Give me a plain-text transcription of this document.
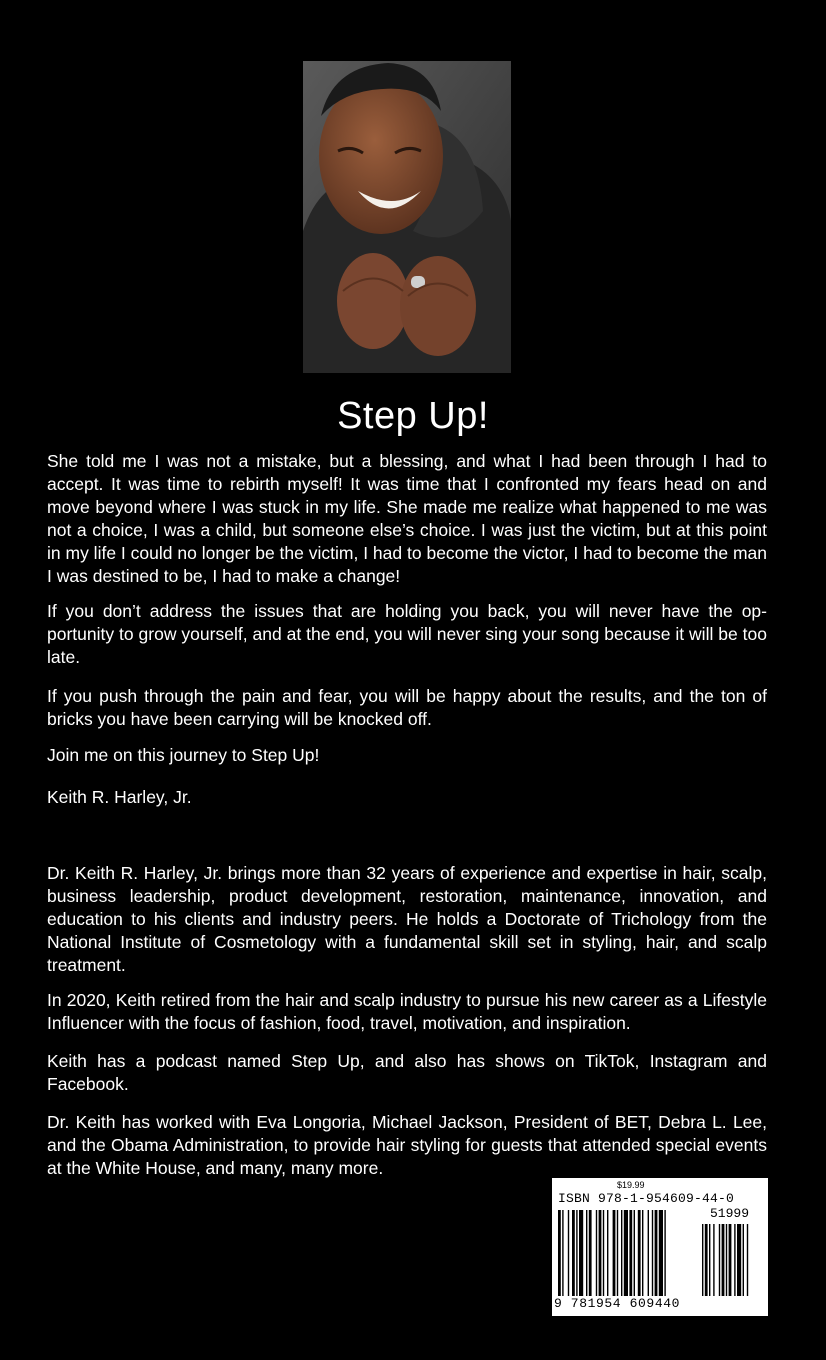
Step Up!

She told me I was not a mistake, but a blessing, and what I had been through I had to accept. It was time to rebirth myself! It was time that I confronted my fears head on and move beyond where I was stuck in my life. She made me realize what happened to me was not a choice, I was a child, but someone else’s choice. I was just the victim, but at this point in my life I could no longer be the victim, I had to become the victor, I had to become the man I was destined to be, I had to make a change!

If you don’t address the issues that are holding you back, you will never have the op-portunity to grow yourself, and at the end, you will never sing your song because it will be too late.

If you push through the pain and fear, you will be happy about the results, and the ton of bricks you have been carrying will be knocked off.

Join me on this journey to Step Up!

Keith R. Harley, Jr.

Dr. Keith R. Harley, Jr. brings more than 32 years of experience and expertise in hair, scalp, business leadership, product development, restoration, maintenance, innovation, and education to his clients and industry peers. He holds a Doctorate of Trichology from the National Institute of Cosmetology with a fundamental skill set in styling, hair, and scalp treatment.

In 2020, Keith retired from the hair and scalp industry to pursue his new career as a Lifestyle Influencer with the focus of fashion, food, travel, motivation, and inspiration.

Keith has a podcast named Step Up, and also has shows on TikTok, Instagram and Facebook.

Dr. Keith has worked with Eva Longoria, Michael Jackson, President of BET, Debra L. Lee, and the Obama Administration, to provide hair styling for guests that attended special events at the White House, and many, many more.

$19.99
ISBN 978-1-954609-44-0
51999
9 781954 609440
